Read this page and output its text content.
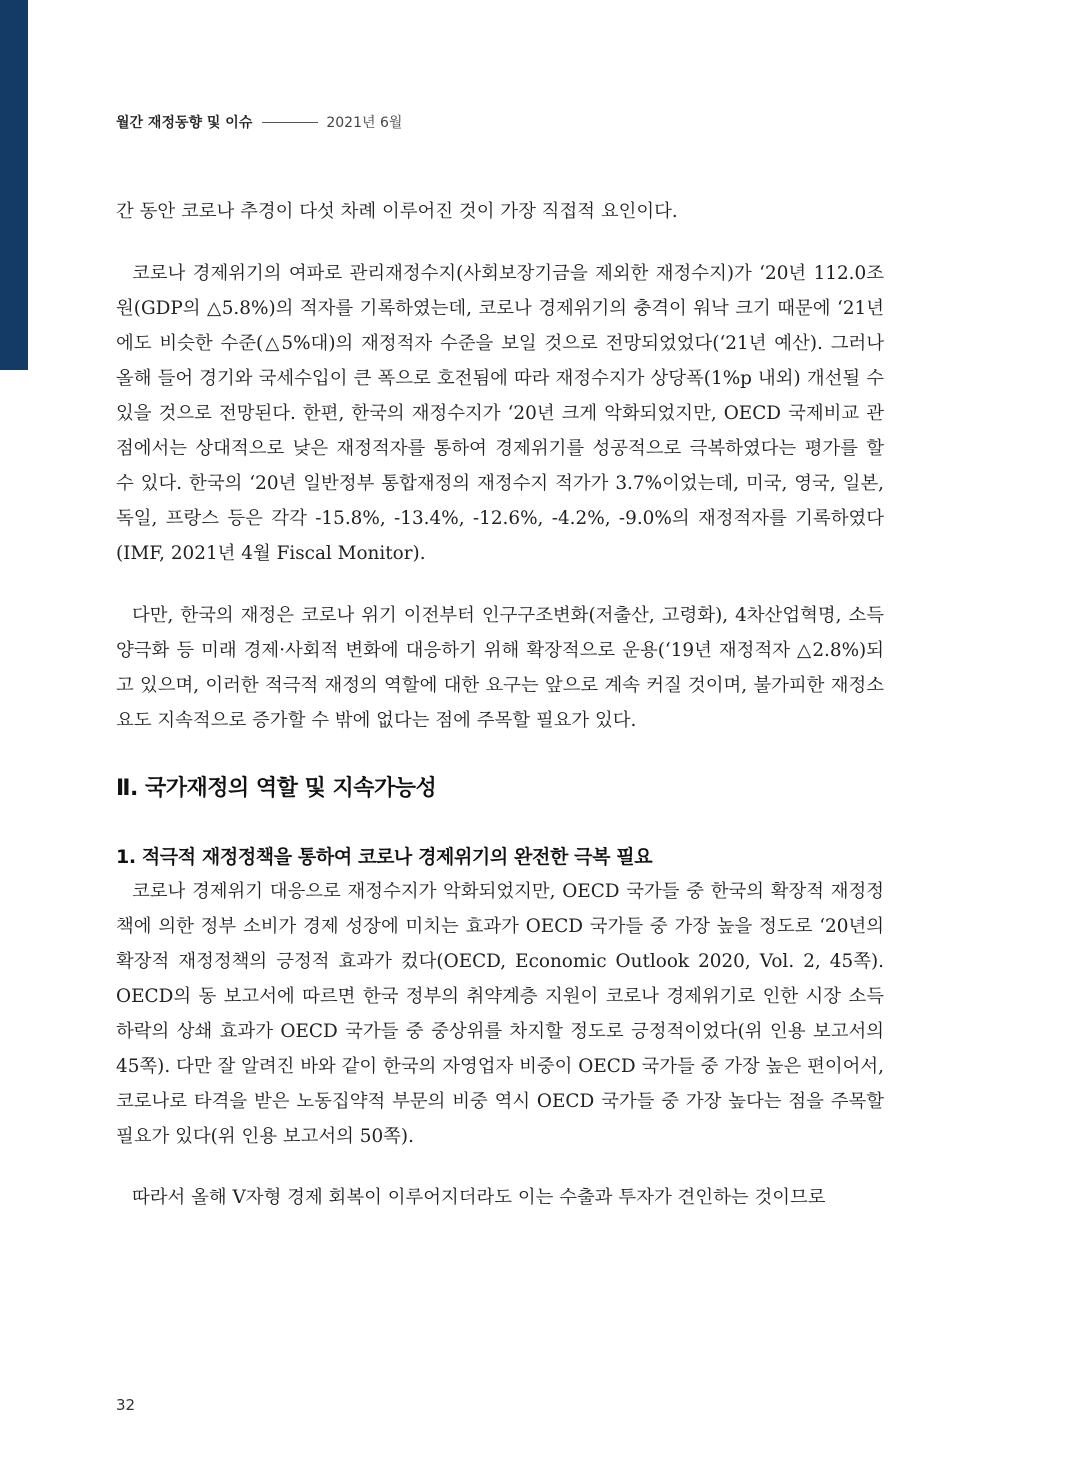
월간 재정동향 및 이슈	2021년 6월

간 동안 코로나 추경이 다섯 차례 이루어진 것이 가장 직접적 요인이다.

코로나 경제위기의 여파로 관리재정수지(사회보장기금을 제외한 재정수지)가 ‘20년 112.0조원(GDP의 △5.8%)의 적자를 기록하였는데, 코로나 경제위기의 충격이 워낙 크기 때문에 ‘21년에도 비슷한 수준(△5%대)의 재정적자 수준을 보일 것으로 전망되었었다(‘21년 예산). 그러나 올해 들어 경기와 국세수입이 큰 폭으로 호전됨에 따라 재정수지가 상당폭(1%p 내외) 개선될 수 있을 것으로 전망된다. 한편, 한국의 재정수지가 ‘20년 크게 악화되었지만, OECD 국제비교 관점에서는 상대적으로 낮은 재정적자를 통하여 경제위기를 성공적으로 극복하였다는 평가를 할 수 있다. 한국의 ‘20년 일반정부 통합재정의 재정수지 적가가 3.7%이었는데, 미국, 영국, 일본, 독일, 프랑스 등은 각각 -15.8%, -13.4%, -12.6%, -4.2%, -9.0%의 재정적자를 기록하였다(IMF, 2021년 4월 Fiscal Monitor).

다만, 한국의 재정은 코로나 위기 이전부터 인구구조변화(저출산, 고령화), 4차산업혁명, 소득양극화 등 미래 경제·사회적 변화에 대응하기 위해 확장적으로 운용(‘19년 재정적자 △2.8%)되고 있으며, 이러한 적극적 재정의 역할에 대한 요구는 앞으로 계속 커질 것이며, 불가피한 재정소요도 지속적으로 증가할 수 밖에 없다는 점에 주목할 필요가 있다.

Ⅱ. 국가재정의 역할 및 지속가능성
1. 적극적 재정정책을 통하여 코로나 경제위기의 완전한 극복 필요

코로나 경제위기 대응으로 재정수지가 악화되었지만, OECD 국가들 중 한국의 확장적 재정정책에 의한 정부 소비가 경제 성장에 미치는 효과가 OECD 국가들 중 가장 높을 정도로 ‘20년의 확장적 재정정책의 긍정적 효과가 컸다(OECD, Economic Outlook 2020, Vol. 2, 45쪽). OECD의 동 보고서에 따르면 한국 정부의 취약계층 지원이 코로나 경제위기로 인한 시장 소득 하락의 상쇄 효과가 OECD 국가들 중 중상위를 차지할 정도로 긍정적이었다(위 인용 보고서의 45쪽). 다만 잘 알려진 바와 같이 한국의 자영업자 비중이 OECD 국가들 중 가장 높은 편이어서, 코로나로 타격을 받은 노동집약적 부문의 비중 역시 OECD 국가들 중 가장 높다는 점을 주목할 필요가 있다(위 인용 보고서의 50쪽).

따라서 올해 V자형 경제 회복이 이루어지더라도 이는 수출과 투자가 견인하는 것이므로

32
